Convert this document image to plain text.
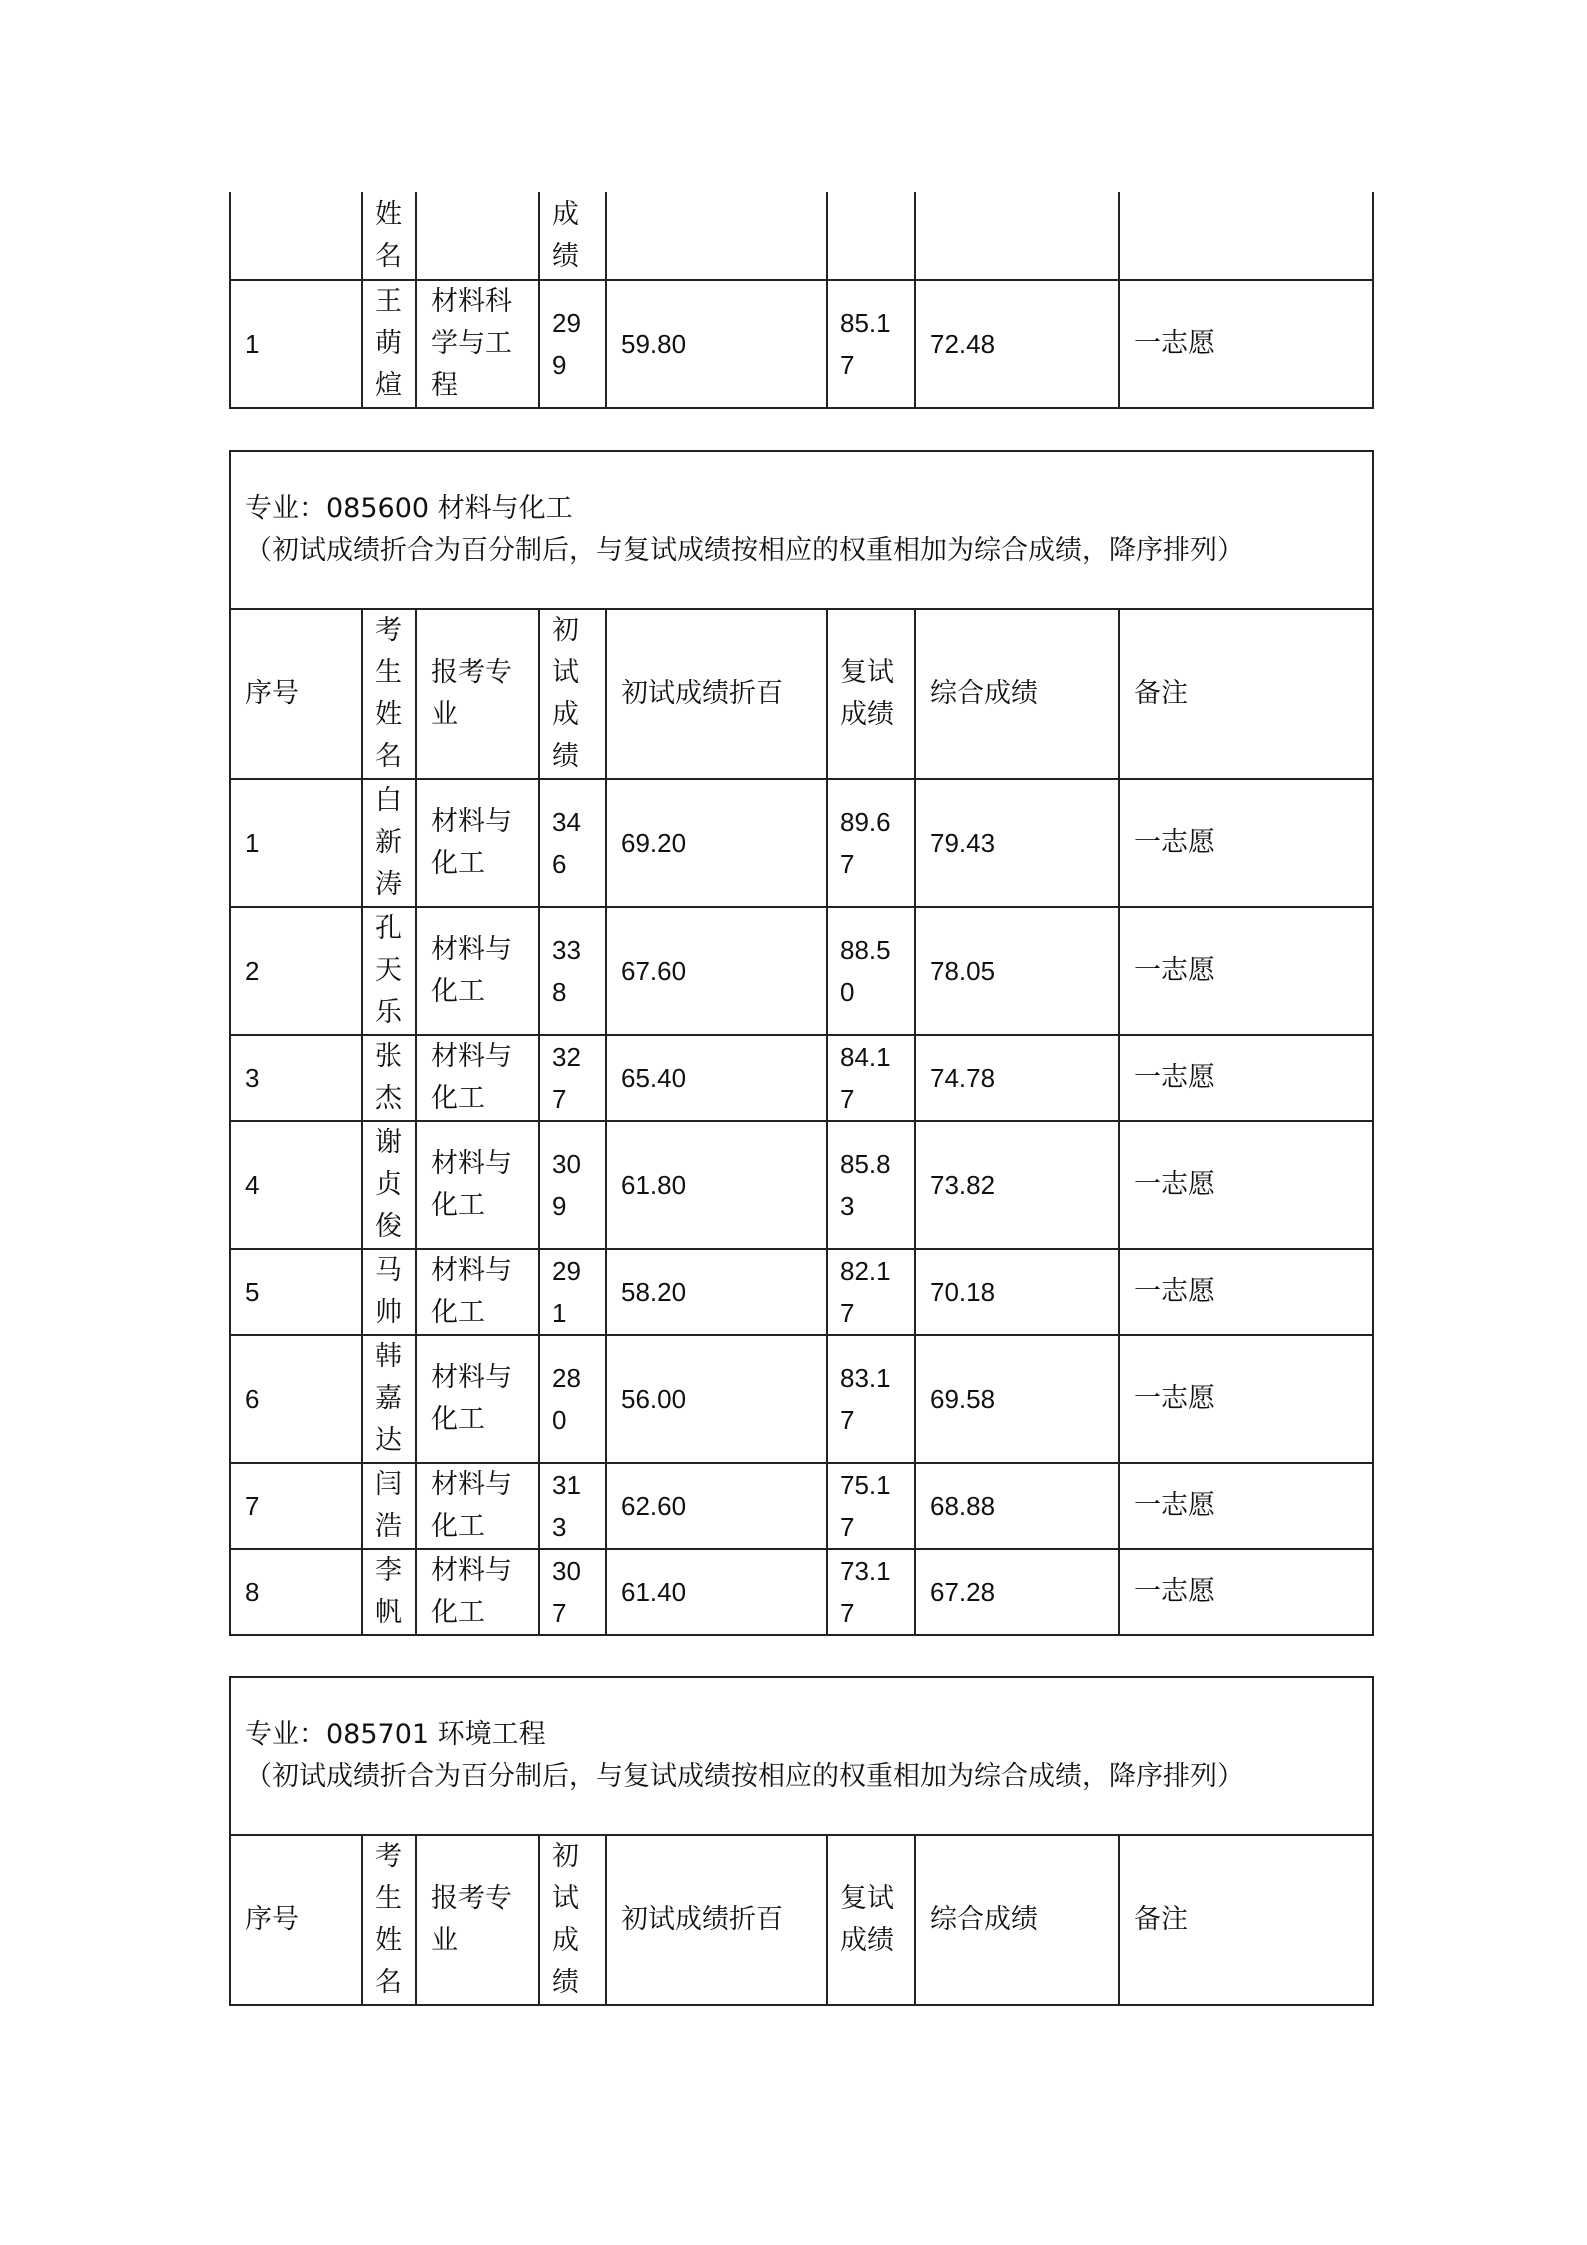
	姓名		成绩				
1	王萌煊	材料科学与工程	299	59.80	85.17	72.48	一志愿
专业：085600 材料与化工
（初试成绩折合为百分制后，与复试成绩按相应的权重相加为综合成绩，降序排列）							

序号	考生姓名	报考专业	初试成绩	初试成绩折百	复试成绩	综合成绩	备注
1	白新涛	材料与化工	346	69.20	89.67	79.43	一志愿
2	孔天乐	材料与化工	338	67.60	88.50	78.05	一志愿
3	张杰	材料与化工	327	65.40	84.17	74.78	一志愿
4	谢贞俊	材料与化工	309	61.80	85.83	73.82	一志愿
5	马帅	材料与化工	291	58.20	82.17	70.18	一志愿
6	韩嘉达	材料与化工	280	56.00	83.17	69.58	一志愿
7	闫浩	材料与化工	313	62.60	75.17	68.88	一志愿
8	李帆	材料与化工	307	61.40	73.17	67.28	一志愿
专业：085701 环境工程
（初试成绩折合为百分制后，与复试成绩按相应的权重相加为综合成绩，降序排列）

序号	考生姓名	报考专业	初试成绩	初试成绩折百	复试成绩	综合成绩	备注
